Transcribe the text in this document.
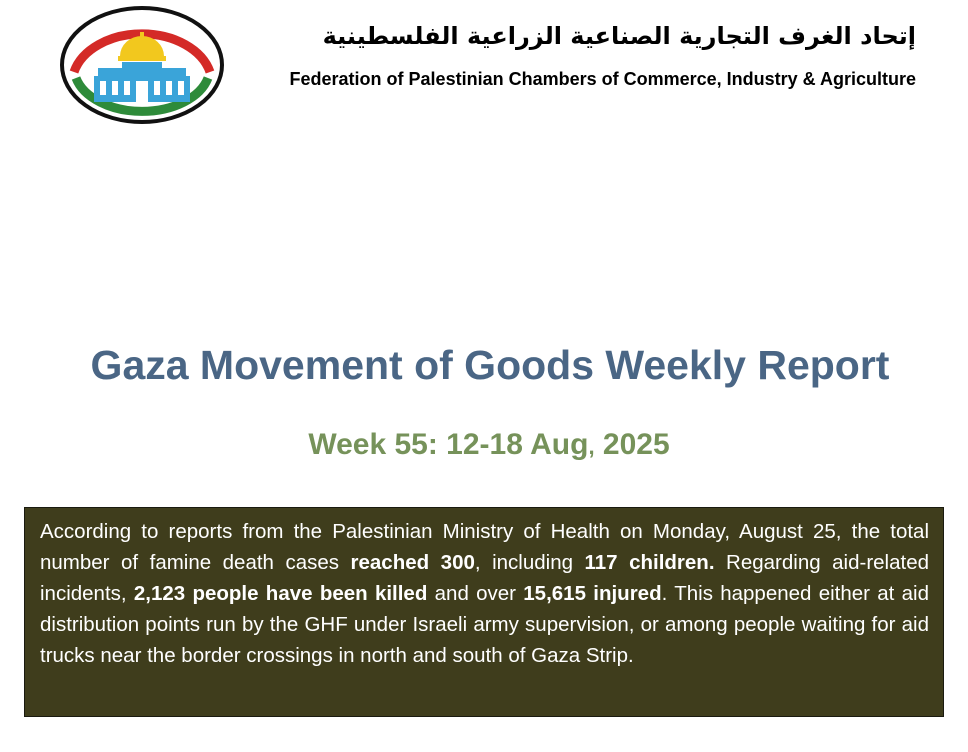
إتحاد الغرف التجارية الصناعية الزراعية الفلسطينية
Federation of Palestinian Chambers of Commerce, Industry & Agriculture
Gaza Movement of Goods Weekly Report
Week 55: 12-18 Aug, 2025

According to reports from the Palestinian Ministry of Health on Monday, August 25, the total number of famine death cases reached 300, including 117 children. Regarding aid-related incidents, 2,123 people have been killed and over 15,615 injured. This happened either at aid distribution points run by the GHF under Israeli army supervision, or among people waiting for aid trucks near the border crossings in north and south of Gaza Strip.
